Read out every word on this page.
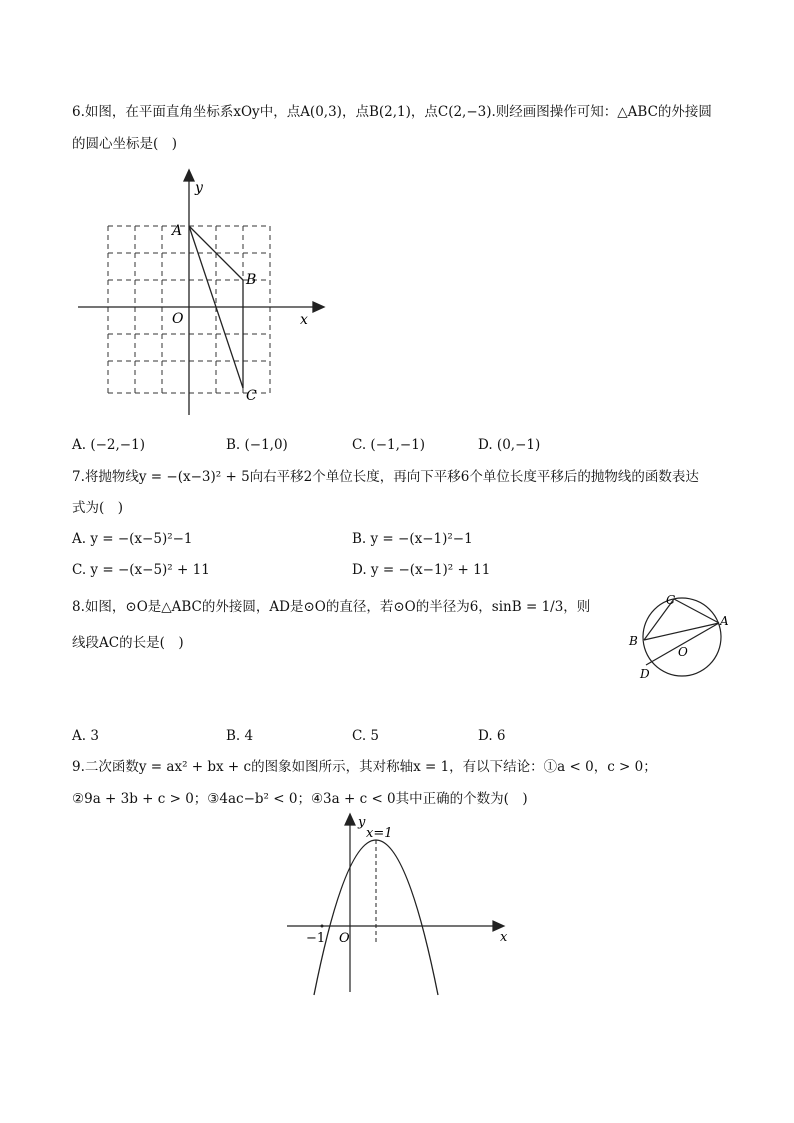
6.如图，在平面直角坐标系xOy中，点A(0,3)，点B(2,1)，点C(2,−3).则经画图操作可知：△ABC的外接圆
的圆心坐标是(　)
y
x
O
A
B
C
A. (−2,−1)	B. (−1,0)	C. (−1,−1)	D. (0,−1)
7.将抛物线y = −(x−3)² + 5向右平移2个单位长度，再向下平移6个单位长度平移后的抛物线的函数表达
式为(　)
A. y = −(x−5)²−1	B. y = −(x−1)²−1
C. y = −(x−5)² + 11	D. y = −(x−1)² + 11
8.如图，⊙O是△ABC的外接圆，AD是⊙O的直径，若⊙O的半径为6，sinB = 1/3，则
线段AC的长是(　)
C
A
B
O
D
A. 3	B. 4	C. 5	D. 6
9.二次函数y = ax² + bx + c的图象如图所示，其对称轴x = 1，有以下结论：①a < 0，c > 0；
②9a + 3b + c > 0；③4ac−b² < 0；④3a + c < 0其中正确的个数为(　)
y
x=1
−1 O	x
